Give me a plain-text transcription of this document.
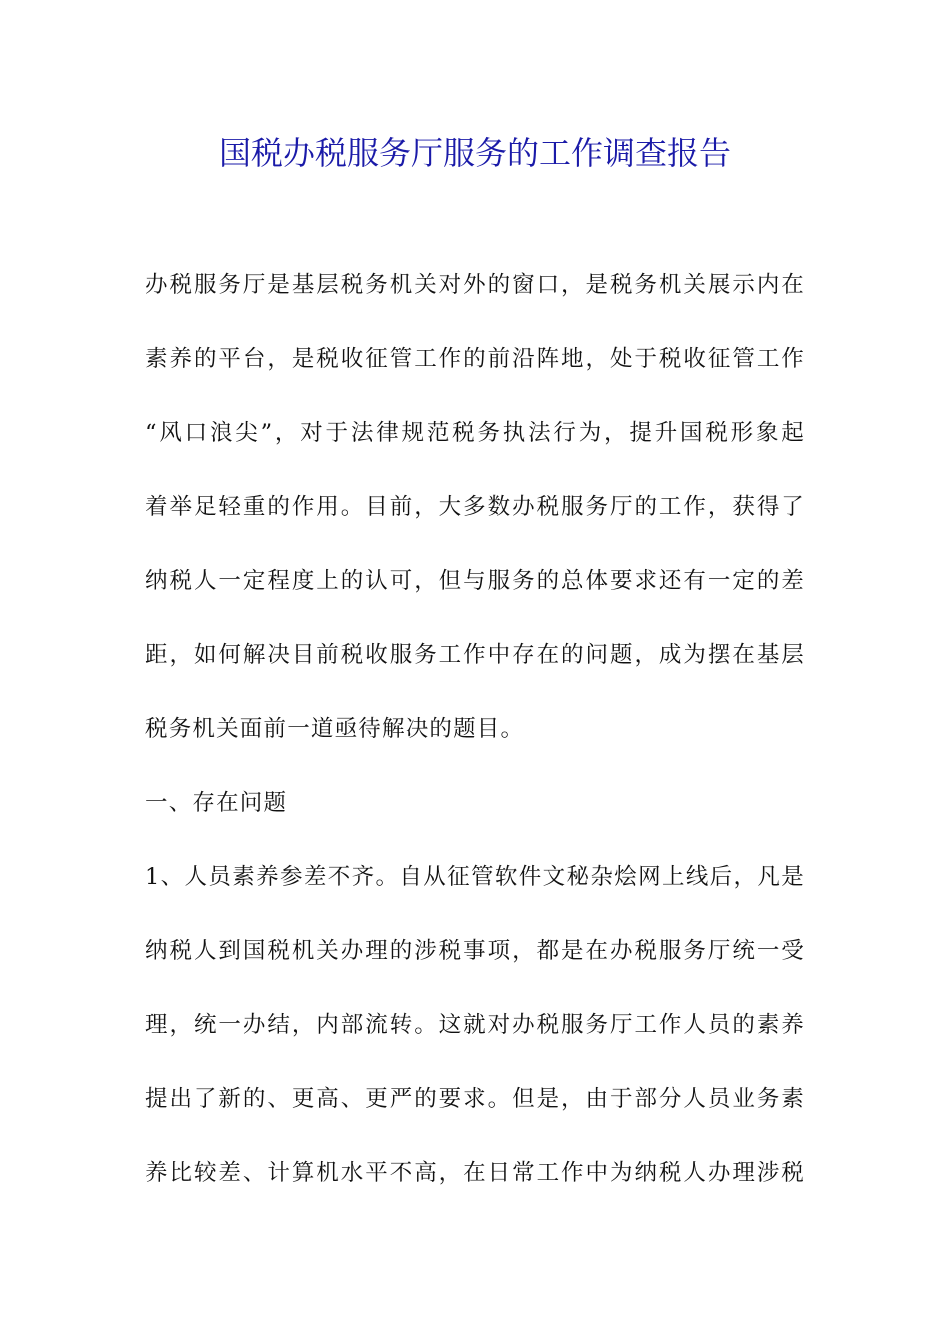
国税办税服务厅服务的工作调查报告
办税服务厅是基层税务机关对外的窗口，是税务机关展示内在
素养的平台，是税收征管工作的前沿阵地，处于税收征管工作
“风口浪尖”，对于法律规范税务执法行为，提升国税形象起
着举足轻重的作用。目前，大多数办税服务厅的工作，获得了
纳税人一定程度上的认可，但与服务的总体要求还有一定的差
距，如何解决目前税收服务工作中存在的问题，成为摆在基层
税务机关面前一道亟待解决的题目。
一、存在问题
1、人员素养参差不齐。自从征管软件文秘杂烩网上线后，凡是
纳税人到国税机关办理的涉税事项，都是在办税服务厅统一受
理，统一办结，内部流转。这就对办税服务厅工作人员的素养
提出了新的、更高、更严的要求。但是，由于部分人员业务素
养比较差、计算机水平不高，在日常工作中为纳税人办理涉税
